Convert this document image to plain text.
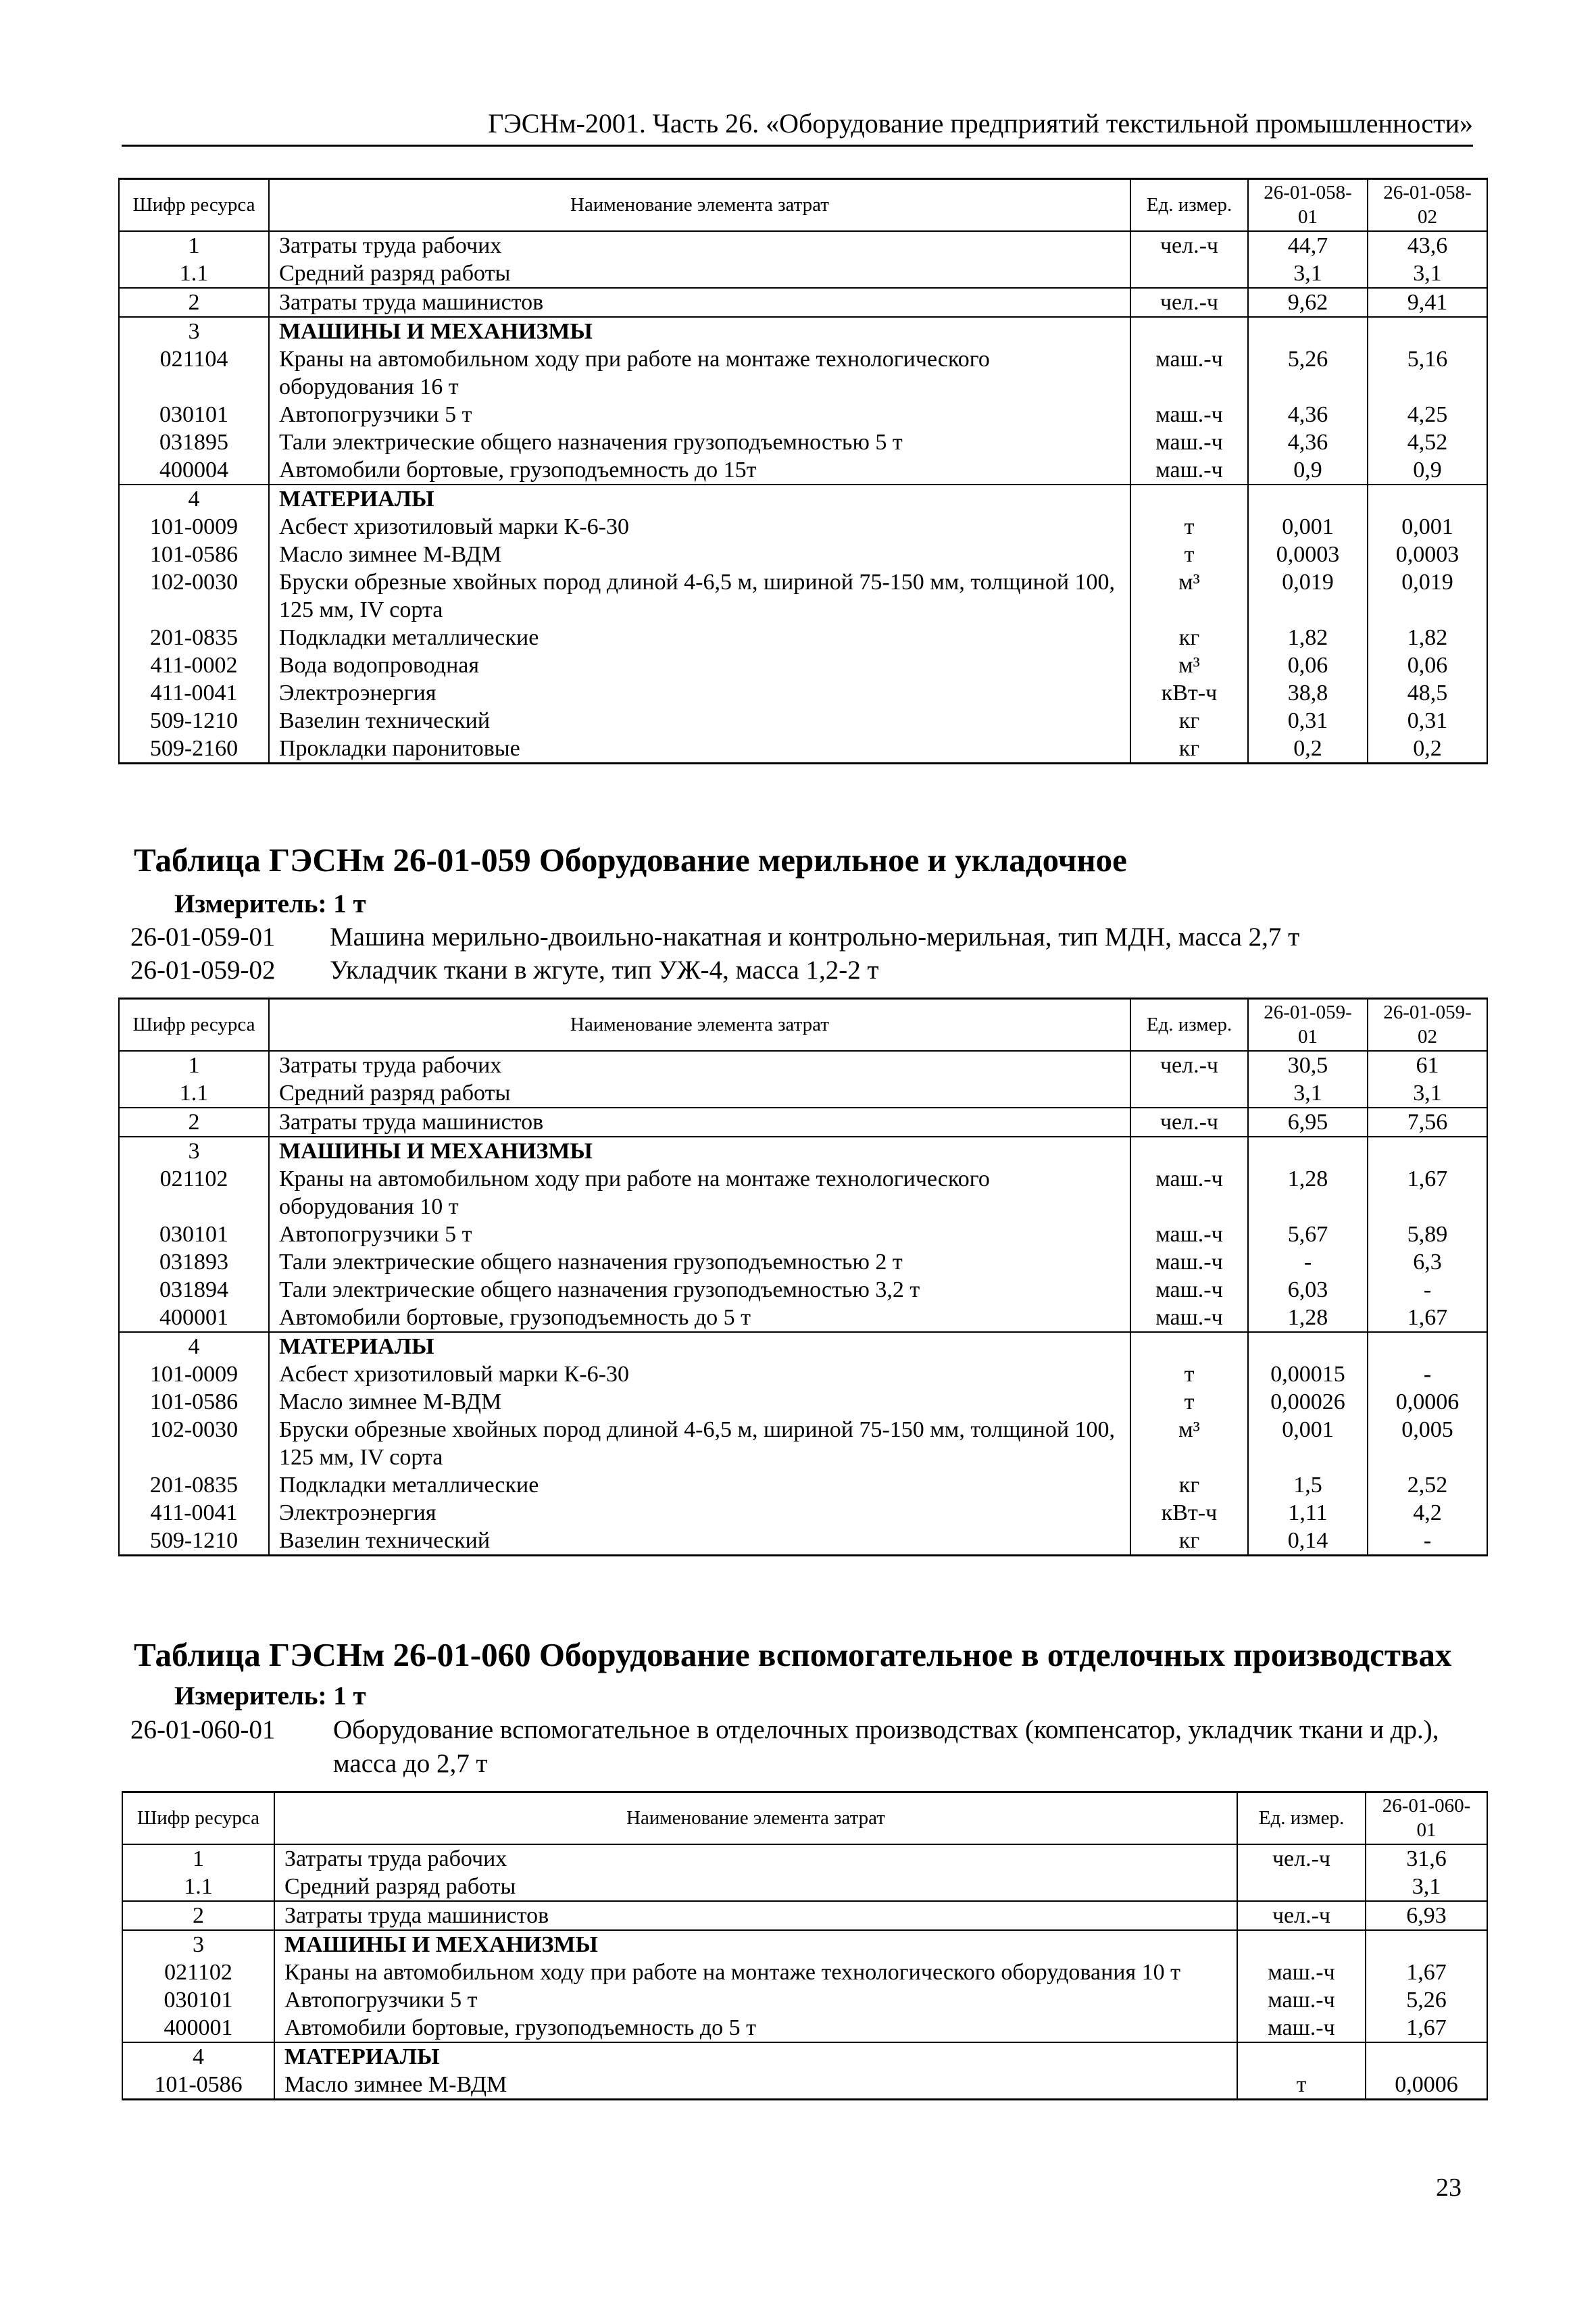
ГЭСНм-2001. Часть 26. «Оборудование предприятий текстильной промышленности»
Шифр ресурса	Наименование элемента затрат	Ед. измер.	26-01-058-01	26-01-058-02
1	Затраты труда рабочих	чел.-ч	44,7	43,6
1.1	Средний разряд работы		3,1	3,1
2	Затраты труда машинистов	чел.-ч	9,62	9,41
3	МАШИНЫ И МЕХАНИЗМЫ			
021104	Краны на автомобильном ходу при работе на монтаже технологического оборудования 16 т	маш.-ч	5,26	5,16
030101	Автопогрузчики 5 т	маш.-ч	4,36	4,25
031895	Тали электрические общего назначения грузоподъемностью 5 т	маш.-ч	4,36	4,52
400004	Автомобили бортовые, грузоподъемность до 15т	маш.-ч	0,9	0,9
4	МАТЕРИАЛЫ			
101-0009	Асбест хризотиловый марки К-6-30	т	0,001	0,001
101-0586	Масло зимнее М-ВДМ	т	0,0003	0,0003
102-0030	Бруски обрезные хвойных пород длиной 4-6,5 м, шириной 75-150 мм, толщиной 100, 125 мм, IV сорта	м³	0,019	0,019
201-0835	Подкладки металлические	кг	1,82	1,82
411-0002	Вода водопроводная	м³	0,06	0,06
411-0041	Электроэнергия	кВт-ч	38,8	48,5
509-1210	Вазелин технический	кг	0,31	0,31
509-2160	Прокладки паронитовые	кг	0,2	0,2
Таблица ГЭСНм 26-01-059 Оборудование мерильное и укладочное
Измеритель: 1 т
26-01-059-01 Машина мерильно-двоильно-накатная и контрольно-мерильная, тип МДН, масса 2,7 т
26-01-059-02 Укладчик ткани в жгуте, тип УЖ-4, масса 1,2-2 т
Шифр ресурса	Наименование элемента затрат	Ед. измер.	26-01-059-01	26-01-059-02
1	Затраты труда рабочих	чел.-ч	30,5	61
1.1	Средний разряд работы		3,1	3,1
2	Затраты труда машинистов	чел.-ч	6,95	7,56
3	МАШИНЫ И МЕХАНИЗМЫ			
021102	Краны на автомобильном ходу при работе на монтаже технологического оборудования 10 т	маш.-ч	1,28	1,67
030101	Автопогрузчики 5 т	маш.-ч	5,67	5,89
031893	Тали электрические общего назначения грузоподъемностью 2 т	маш.-ч	-	6,3
031894	Тали электрические общего назначения грузоподъемностью 3,2 т	маш.-ч	6,03	-
400001	Автомобили бортовые, грузоподъемность до 5 т	маш.-ч	1,28	1,67
4	МАТЕРИАЛЫ			
101-0009	Асбест хризотиловый марки К-6-30	т	0,00015	-
101-0586	Масло зимнее М-ВДМ	т	0,00026	0,0006
102-0030	Бруски обрезные хвойных пород длиной 4-6,5 м, шириной 75-150 мм, толщиной 100, 125 мм, IV сорта	м³	0,001	0,005
201-0835	Подкладки металлические	кг	1,5	2,52
411-0041	Электроэнергия	кВт-ч	1,11	4,2
509-1210	Вазелин технический	кг	0,14	-
Таблица ГЭСНм 26-01-060 Оборудование вспомогательное в отделочных производствах
Измеритель: 1 т
26-01-060-01 Оборудование вспомогательное в отделочных производствах (компенсатор, укладчик ткани и др.), масса до 2,7 т
Шифр ресурса	Наименование элемента затрат	Ед. измер.	26-01-060-01
1	Затраты труда рабочих	чел.-ч	31,6
1.1	Средний разряд работы		3,1
2	Затраты труда машинистов	чел.-ч	6,93
3	МАШИНЫ И МЕХАНИЗМЫ		
021102	Краны на автомобильном ходу при работе на монтаже технологического оборудования 10 т	маш.-ч	1,67
030101	Автопогрузчики 5 т	маш.-ч	5,26
400001	Автомобили бортовые, грузоподъемность до 5 т	маш.-ч	1,67
4	МАТЕРИАЛЫ		
101-0586	Масло зимнее М-ВДМ	т	0,0006
23
